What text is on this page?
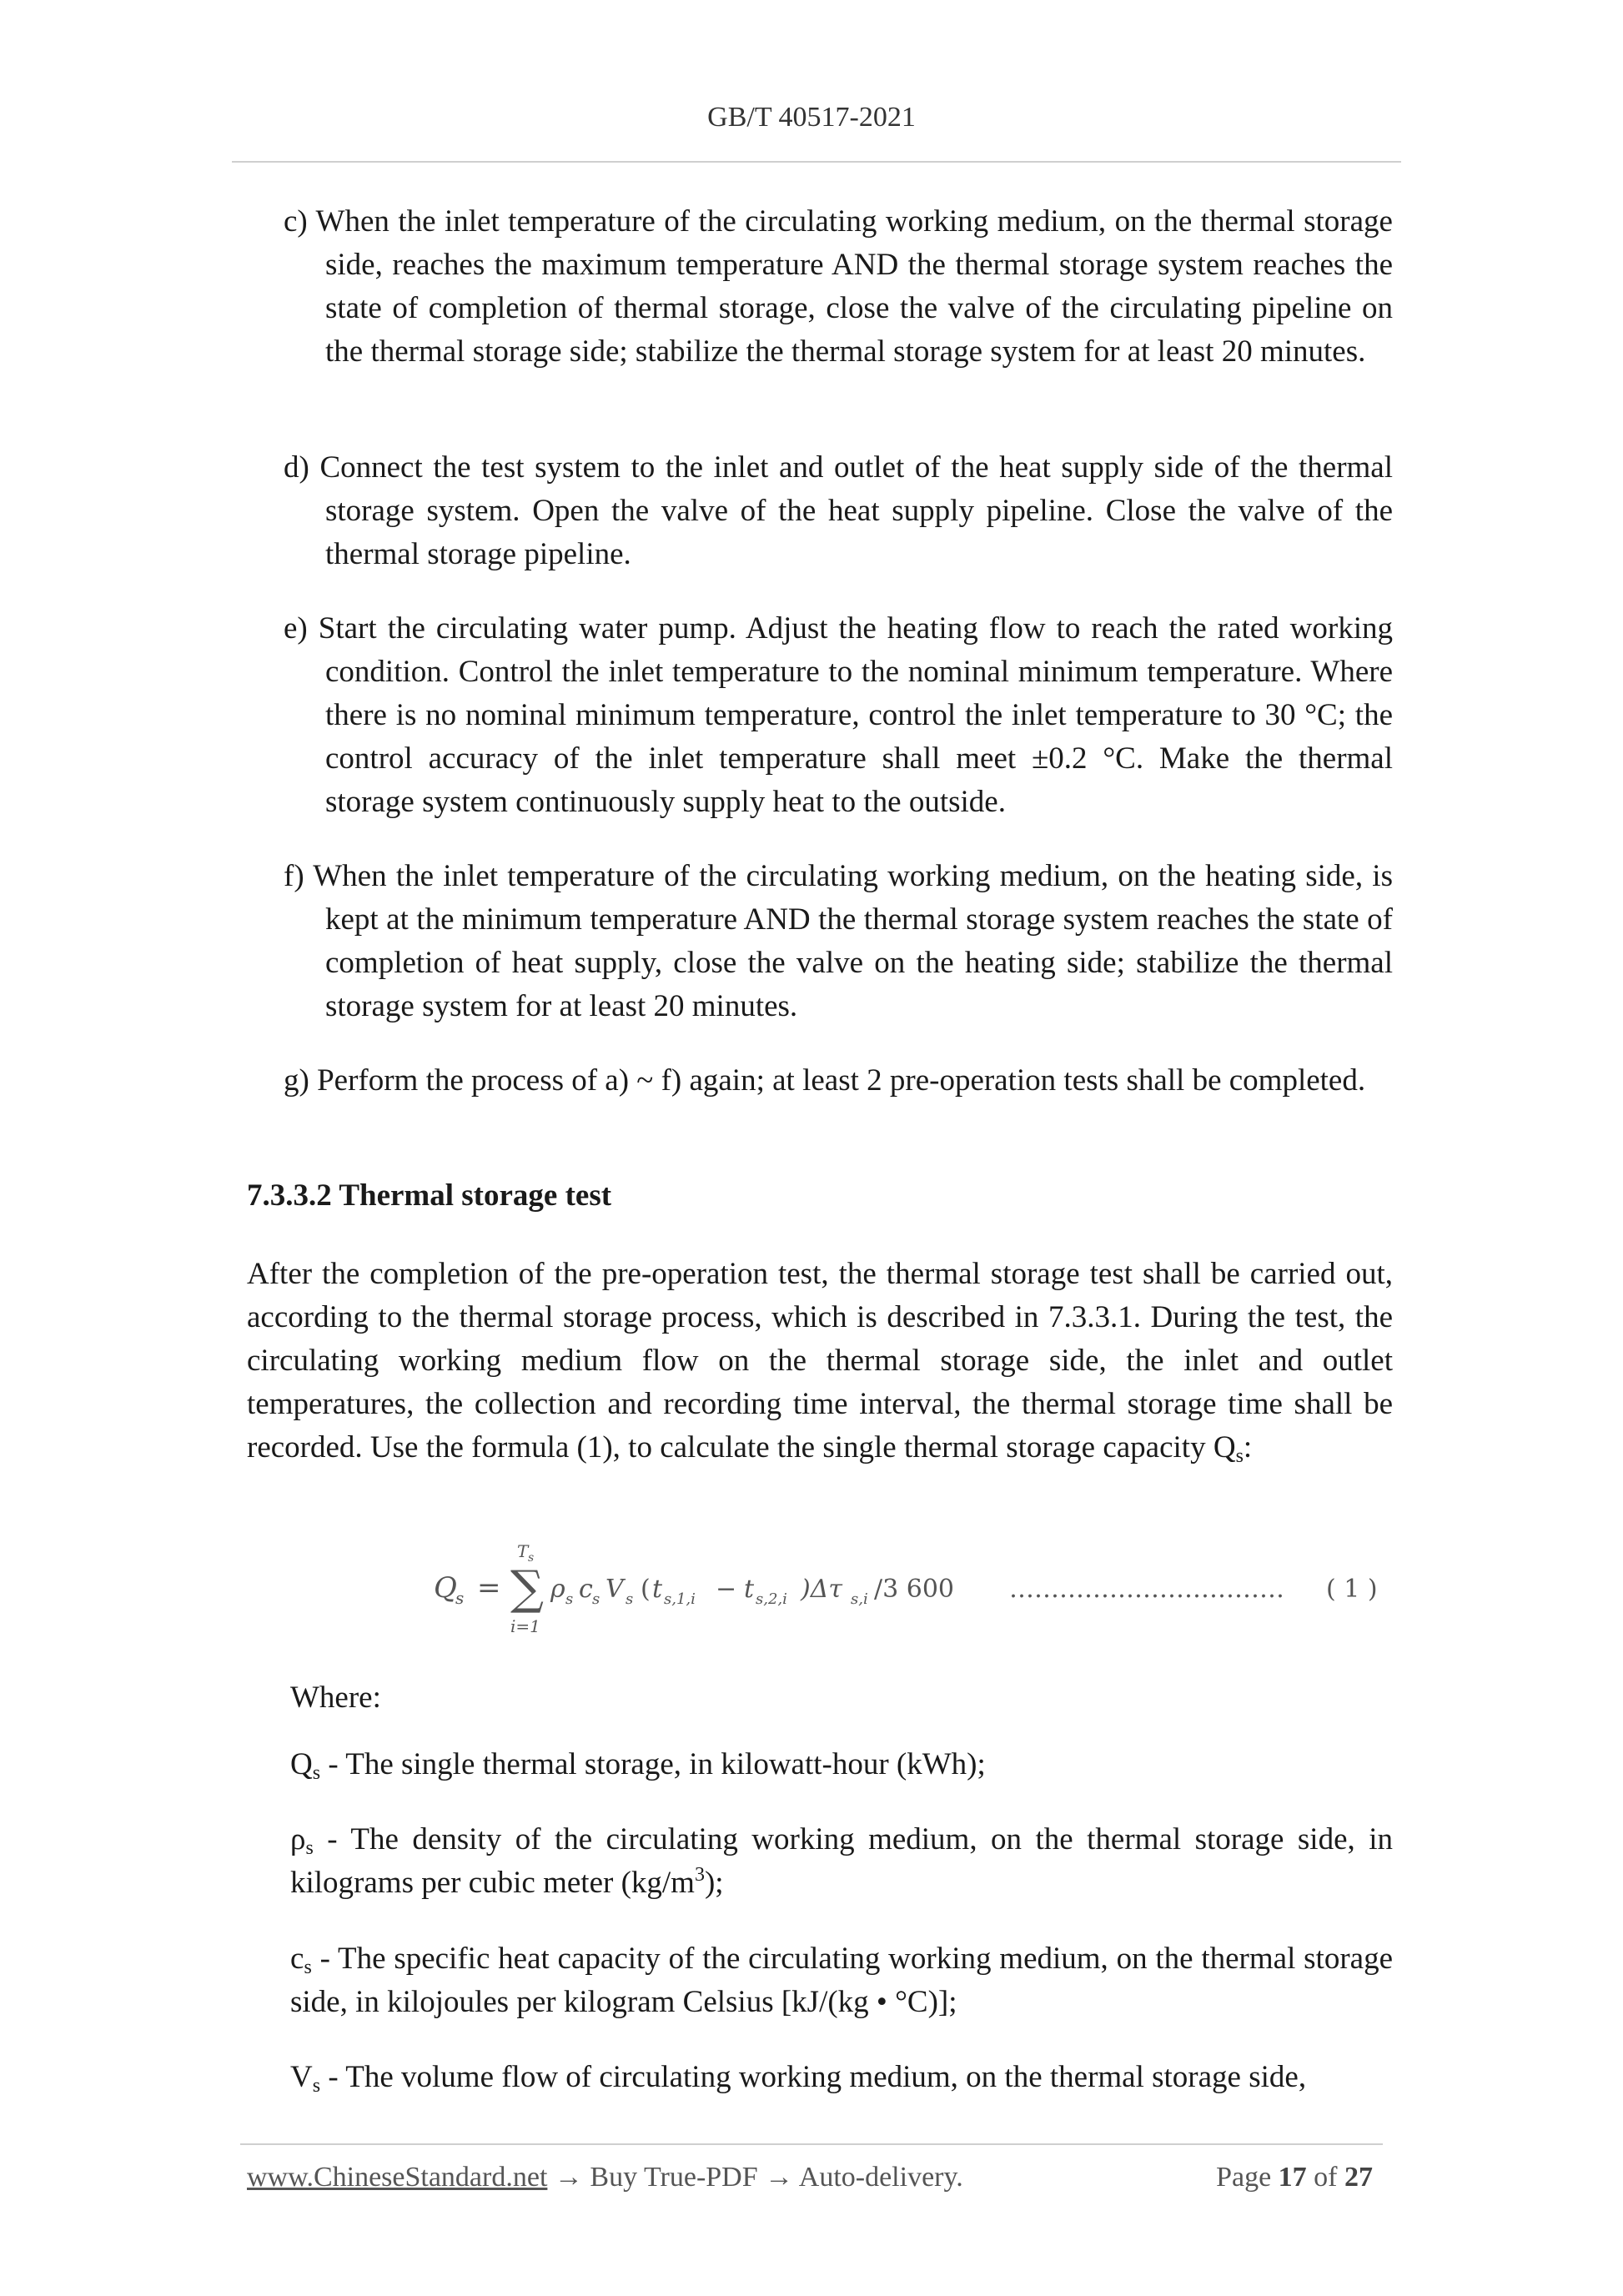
GB/T 40517-2021
c) When the inlet temperature of the circulating working medium, on the thermal storage side, reaches the maximum temperature AND the thermal storage system reaches the state of completion of thermal storage, close the valve of the circulating pipeline on the thermal storage side; stabilize the thermal storage system for at least 20 minutes.
d) Connect the test system to the inlet and outlet of the heat supply side of the thermal storage system. Open the valve of the heat supply pipeline. Close the valve of the thermal storage pipeline.
e) Start the circulating water pump. Adjust the heating flow to reach the rated working condition. Control the inlet temperature to the nominal minimum temperature. Where there is no nominal minimum temperature, control the inlet temperature to 30 °C; the control accuracy of the inlet temperature shall meet ±0.2 °C. Make the thermal storage system continuously supply heat to the outside.
f) When the inlet temperature of the circulating working medium, on the heating side, is kept at the minimum temperature AND the thermal storage system reaches the state of completion of heat supply, close the valve on the heating side; stabilize the thermal storage system for at least 20 minutes.
g) Perform the process of a) ~ f) again; at least 2 pre-operation tests shall be completed.
7.3.3.2 Thermal storage test
After the completion of the pre-operation test, the thermal storage test shall be carried out, according to the thermal storage process, which is described in 7.3.3.1. During the test, the circulating working medium flow on the thermal storage side, the inlet and outlet temperatures, the collection and recording time interval, the thermal storage time shall be recorded. Use the formula (1), to calculate the single thermal storage capacity $Q_s$:
Q
s = ∑
T s
i=1
ρ s c s V s ( t s,1,i − t s,2,i )Δτ s,i /3 600 …………………………… ( 1 )
Where:
$Q_s$ - The single thermal storage, in kilowatt-hour (kWh);
$\rho_s$ - The density of the circulating working medium, on the thermal storage side, in kilograms per cubic meter $(kg/m^3)$;
$c_s$ - The specific heat capacity of the circulating working medium, on the thermal storage side, in kilojoules per kilogram Celsius [kJ/(kg • °C)];
$V_s$ - The volume flow of circulating working medium, on the thermal storage side,
www.ChineseStandard.net → Buy True-PDF → Auto-delivery.	Page 17 of 27
